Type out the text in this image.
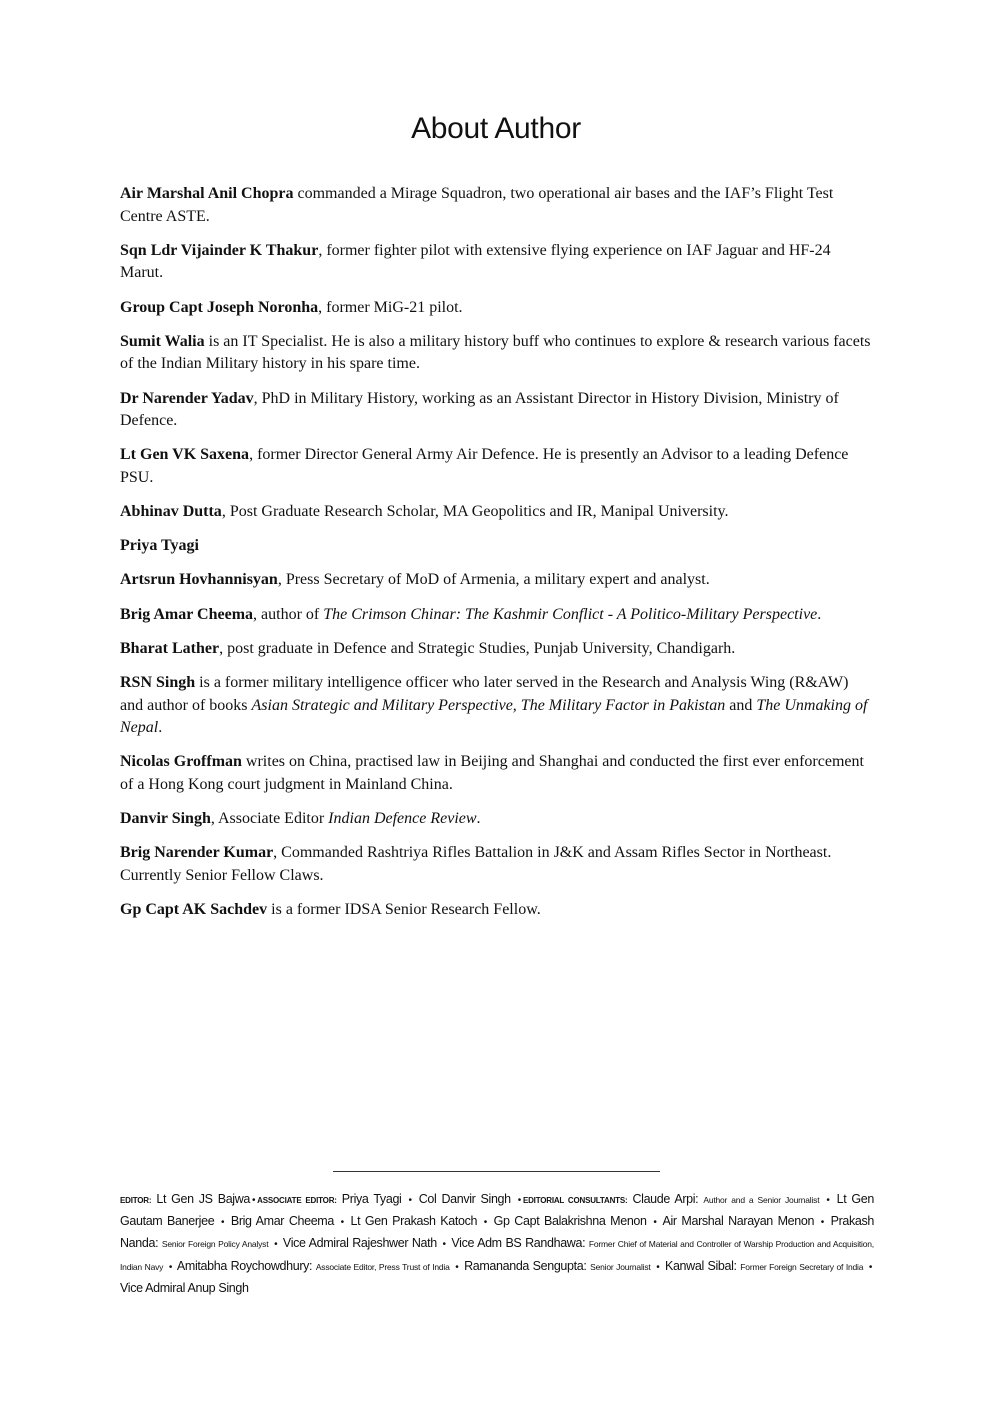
About Author

Air Marshal Anil Chopra commanded a Mirage Squadron, two operational air bases and the IAF’s Flight Test Centre ASTE.

Sqn Ldr Vijainder K Thakur, former fighter pilot with extensive flying experience on IAF Jaguar and HF-24 Marut.

Group Capt Joseph Noronha, former MiG-21 pilot.

Sumit Walia is an IT Specialist. He is also a military history buff who continues to explore & research various facets of the Indian Military history in his spare time.

Dr Narender Yadav, PhD in Military History, working as an Assistant Director in History Division, Ministry of Defence.

Lt Gen VK Saxena, former Director General Army Air Defence. He is presently an Advisor to a leading Defence PSU.

Abhinav Dutta, Post Graduate Research Scholar, MA Geopolitics and IR, Manipal University.

Priya Tyagi

Artsrun Hovhannisyan, Press Secretary of MoD of Armenia, a military expert and analyst.

Brig Amar Cheema, author of The Crimson Chinar: The Kashmir Conflict - A Politico-Military Perspective.

Bharat Lather, post graduate in Defence and Strategic Studies, Punjab University, Chandigarh.

RSN Singh is a former military intelligence officer who later served in the Research and Analysis Wing (R&AW) and author of books Asian Strategic and Military Perspective, The Military Factor in Pakistan and The Unmaking of Nepal.

Nicolas Groffman writes on China, practised law in Beijing and Shanghai and conducted the first ever enforcement of a Hong Kong court judgment in Mainland China.

Danvir Singh, Associate Editor Indian Defence Review.

Brig Narender Kumar, Commanded Rashtriya Rifles Battalion in J&K and Assam Rifles Sector in Northeast. Currently Senior Fellow Claws.

Gp Capt AK Sachdev is a former IDSA Senior Research Fellow.

EDITOR: Lt Gen JS Bajwa • ASSOCIATE EDITOR: Priya Tyagi • Col Danvir Singh • EDITORIAL CONSULTANTS: Claude Arpi: Author and a Senior Journalist • Lt Gen Gautam Banerjee • Brig Amar Cheema • Lt Gen Prakash Katoch • Gp Capt Balakrishna Menon • Air Marshal Narayan Menon • Prakash Nanda: Senior Foreign Policy Analyst • Vice Admiral Rajeshwer Nath • Vice Adm BS Randhawa: Former Chief of Material and Controller of Warship Production and Acquisition, Indian Navy • Amitabha Roychowdhury: Associate Editor, Press Trust of India • Ramananda Sengupta: Senior Journalist • Kanwal Sibal: Former Foreign Secretary of India • Vice Admiral Anup Singh
